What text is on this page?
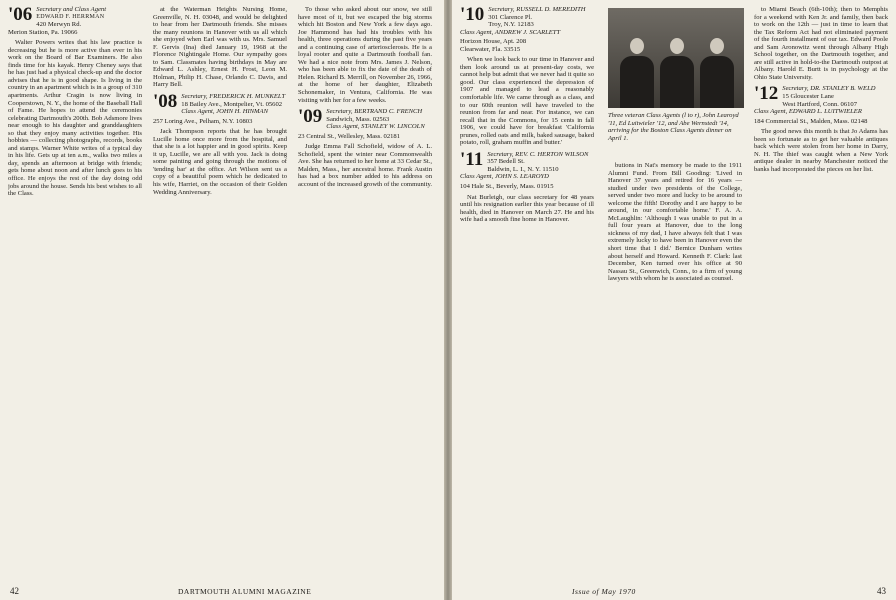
'06 Secretary and Class Agent
EDWARD F. HERRMAN
420 Merwyn Rd.
Merion Station, Pa. 19066

Walter Powers writes that his law practice is decreasing but he is more active than ever in his work on the Board of Bar Examiners. He also finds time for his kayak. Henry Cheney says that he has just had a physical check-up and the doctor advises that he is in good shape. Is living in the country in an apartment which is in a group of 310 apartments. Arthur Cragin is now living in Cooperstown, N. Y., the home of the Baseball Hall of Fame. He hopes to attend the ceremonies celebrating Dartmouth's 200th. Bob Adsmore lives near enough to his daughter and granddaughters so that they enjoy many activities together. His hobbies — collecting photographs, records, books and stamps. Warner White writes of a typical day in his life. Gets up at ten a.m., walks two miles a day, spends an afternoon at bridge with friends; gets home about noon and after lunch goes to his office. He enjoys the rest of the day doing odd jobs around the house. Sends his best wishes to all the Class.

at the Waterman Heights Nursing Home, Greenville, N. H. 03048, and would be delighted to hear from her Dartmouth friends. She misses the many reunions in Hanover with us all which she enjoyed when Earl was with us. Mrs. Samuel F. Gervis (Ina) died January 19, 1968 at the Florence Nightingale Home. Our sympathy goes to Sam. Classmates having birthdays in May are Edward L. Ashley, Ernest H. Frost, Leon M. Holman, Philip H. Chase, Orlando C. Davis, and Harry Bell.

'08 Secretary, FREDERICK H. MUNKELT
18 Bailey Ave., Montpelier, Vt. 05602
Class Agent, JOHN H. HINMAN
257 Loring Ave., Pelham, N.Y. 10803

Jack Thompson reports that he has brought Lucille home once more from the hospital, and that she is a lot happier and in good spirits. Keep it up, Lucille, we are all with you. Jack is doing some painting and going through the motions of 'tending bar' at the office. Art Wilson sent us a copy of a beautiful poem which he dedicated to his wife, Harriet, on the occasion of their Golden Wedding Anniversary.

To those who asked about our snow, we still have most of it, but we escaped the big storms which hit Boston and New York a few days ago. Joe Hammond has had his troubles with his health, three operations during the past five years and a continuing case of arteriosclerosis. He is a loyal rooter and quite a Dartmouth football fan. We had a nice note from Mrs. James J. Nelson, who has been able to fix the date of the death of Helen. Richard B. Merrill, on November 26, 1966, at the home of her daughter, Elizabeth Schonemaker, in Ventura, California. He was visiting with her for a few weeks.

'09 Secretary, BERTRAND C. FRENCH
Sandwich, Mass. 02563
Class Agent, STANLEY W. LINCOLN
23 Central St., Wellesley, Mass. 02181

Judge Emma Fall Schofield, widow of A. L. Schofield, spent the winter near Commonwealth Ave. She has returned to her home at 33 Cedar St., Malden, Mass., her ancestral home. Frank Austin has had a box number added to his address on account of the increased growth of the community.

42	DARTMOUTH ALUMNI MAGAZINE
'10 Secretary, RUSSELL D. MEREDITH
301 Clarence Pl.
Troy, N.Y. 12183
Class Agent, ANDREW J. SCARLETT
Horizon House, Apt. 208
Clearwater, Fla. 33515

When we look back to our time in Hanover and then look around us at present-day costs, we cannot help but admit that we never had it quite so good. Our class experienced the depression of 1907 and managed to lead a reasonably comfortable life. We came through as a class, and to our 60th reunion will have traveled to the reunion from far and near. For instance, we can recall that in the Commons, for 15 cents in fall 1906, we could have for breakfast 'California prunes, rolled oats and milk, baked sausage, baked potato, roll, graham muffin and butter.'

'11 Secretary, REV. C. HERTON WILSON
357 Bedell St.
Baldwin, L. I., N. Y. 11510
Class Agent, JOHN S. LEAROYD
104 Hale St., Beverly, Mass. 01915

Nat Burleigh, our class secretary for 48 years until his resignation earlier this year because of ill health, died in Hanover on March 27. He and his wife had a smooth fine home in Hanover.

Three veteran Class Agents (l to r), John Learoyd '11, Ed Luitwieler '12, and Abe Wernstedt '14, arriving for the Boston Class Agents dinner on April 1.

butions in Nat's memory be made to the 1911 Alumni Fund. From Bill Gooding: 'Lived in Hanover 37 years and retired for 16 years — studied under two presidents of the College, served under two more and lucky to be around to welcome the fifth! Dorothy and I are happy to be around, in our comfortable home.' F. A. A. McLaughlin: 'Although I was unable to put in a full four years at Hanover, due to the long sickness of my dad, I have always felt that I was extremely lucky to have been in Hanover even the short time that I did.' Bernice Dunham writes about herself and Howard. Kenneth F. Clark: last December, Ken turned over his office at 90 Nassau St., Greenwich, Conn., to a firm of young lawyers with whom he is associated as counsel.

to Miami Beach (6th-10th); then to Memphis for a weekend with Ken Jr. and family, then back to work on the 12th — just in time to learn that the Tax Reform Act had not eliminated payment of the fourth installment of our tax. Edward Poole and Sam Aronowitz went through Albany High School together, on the Dartmouth together, and are still active in hold-to-the Dartmouth outpost at Albany. Harold E. Burtt is in psychology at the Ohio State University.

'12 Secretary, DR. STANLEY B. WELD
15 Gloucester Lane
West Hartford, Conn. 06107
Class Agent, EDWARD L. LUITWIELER
184 Commercial St., Malden, Mass. 02148

The good news this month is that Jo Adams has been so fortunate as to get her valuable antiques back which were stolen from her home in Darry, N. H. The thief was caught when a New York antique dealer in nearby Manchester noticed the banks had incorporated the pieces on her list.

Issue of May 1970	43
